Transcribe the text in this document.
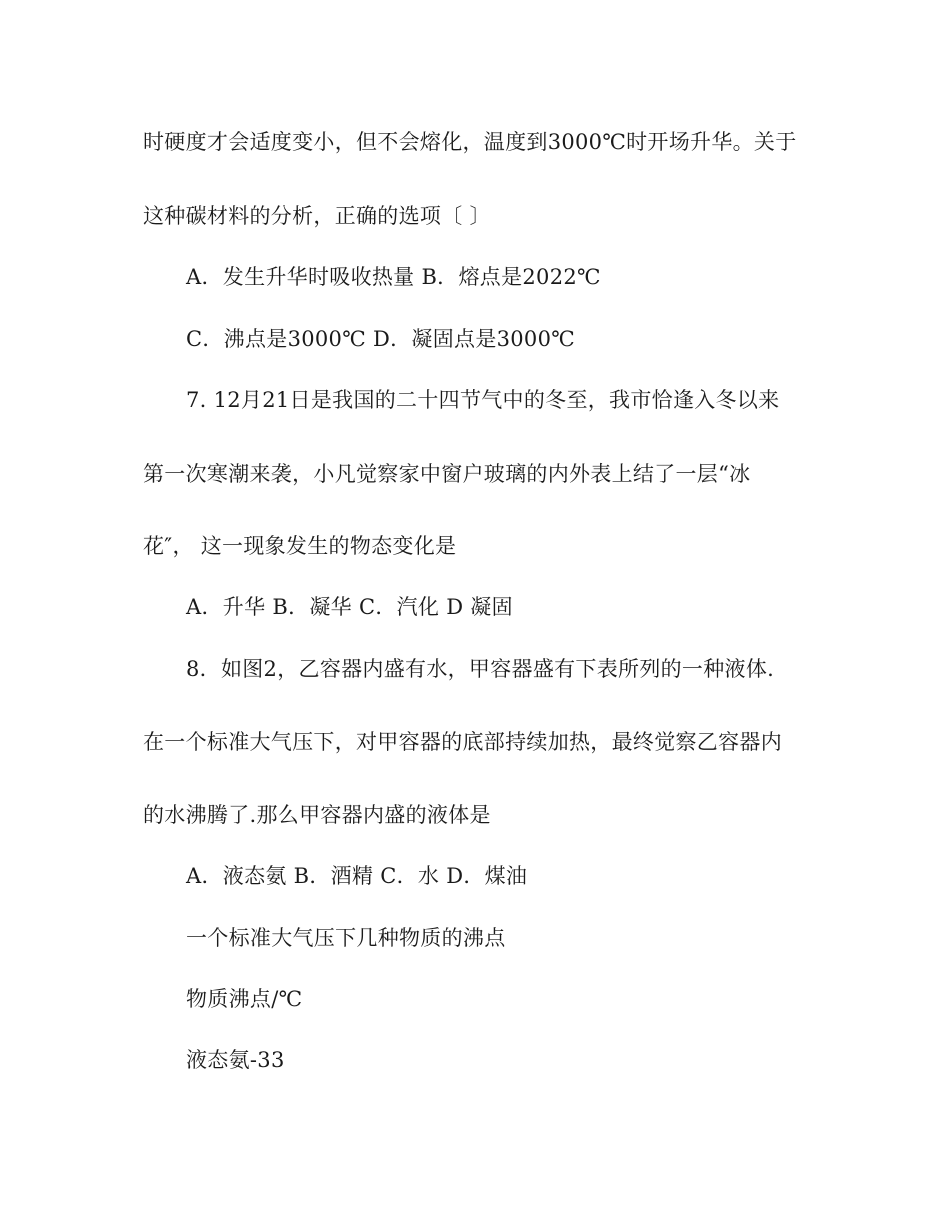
时硬度才会适度变小，但不会熔化，温度到3000℃时开场升华。关于
这种碳材料的分析，正确的选项〔 〕
A．发生升华时吸收热量 B．熔点是2022℃
C．沸点是3000℃ D．凝固点是3000℃
7. 12月21日是我国的二十四节气中的冬至，我市恰逢入冬以来
第一次寒潮来袭，小凡觉察家中窗户玻璃的内外表上结了一层“冰
花″， 这一现象发生的物态变化是
A．升华 B．凝华 C．汽化 D 凝固
8．如图2，乙容器内盛有水，甲容器盛有下表所列的一种液体.
在一个标准大气压下，对甲容器的底部持续加热，最终觉察乙容器内
的水沸腾了.那么甲容器内盛的液体是
A．液态氨 B．酒精 C．水 D．煤油
一个标准大气压下几种物质的沸点
物质沸点/℃
液态氨-33
